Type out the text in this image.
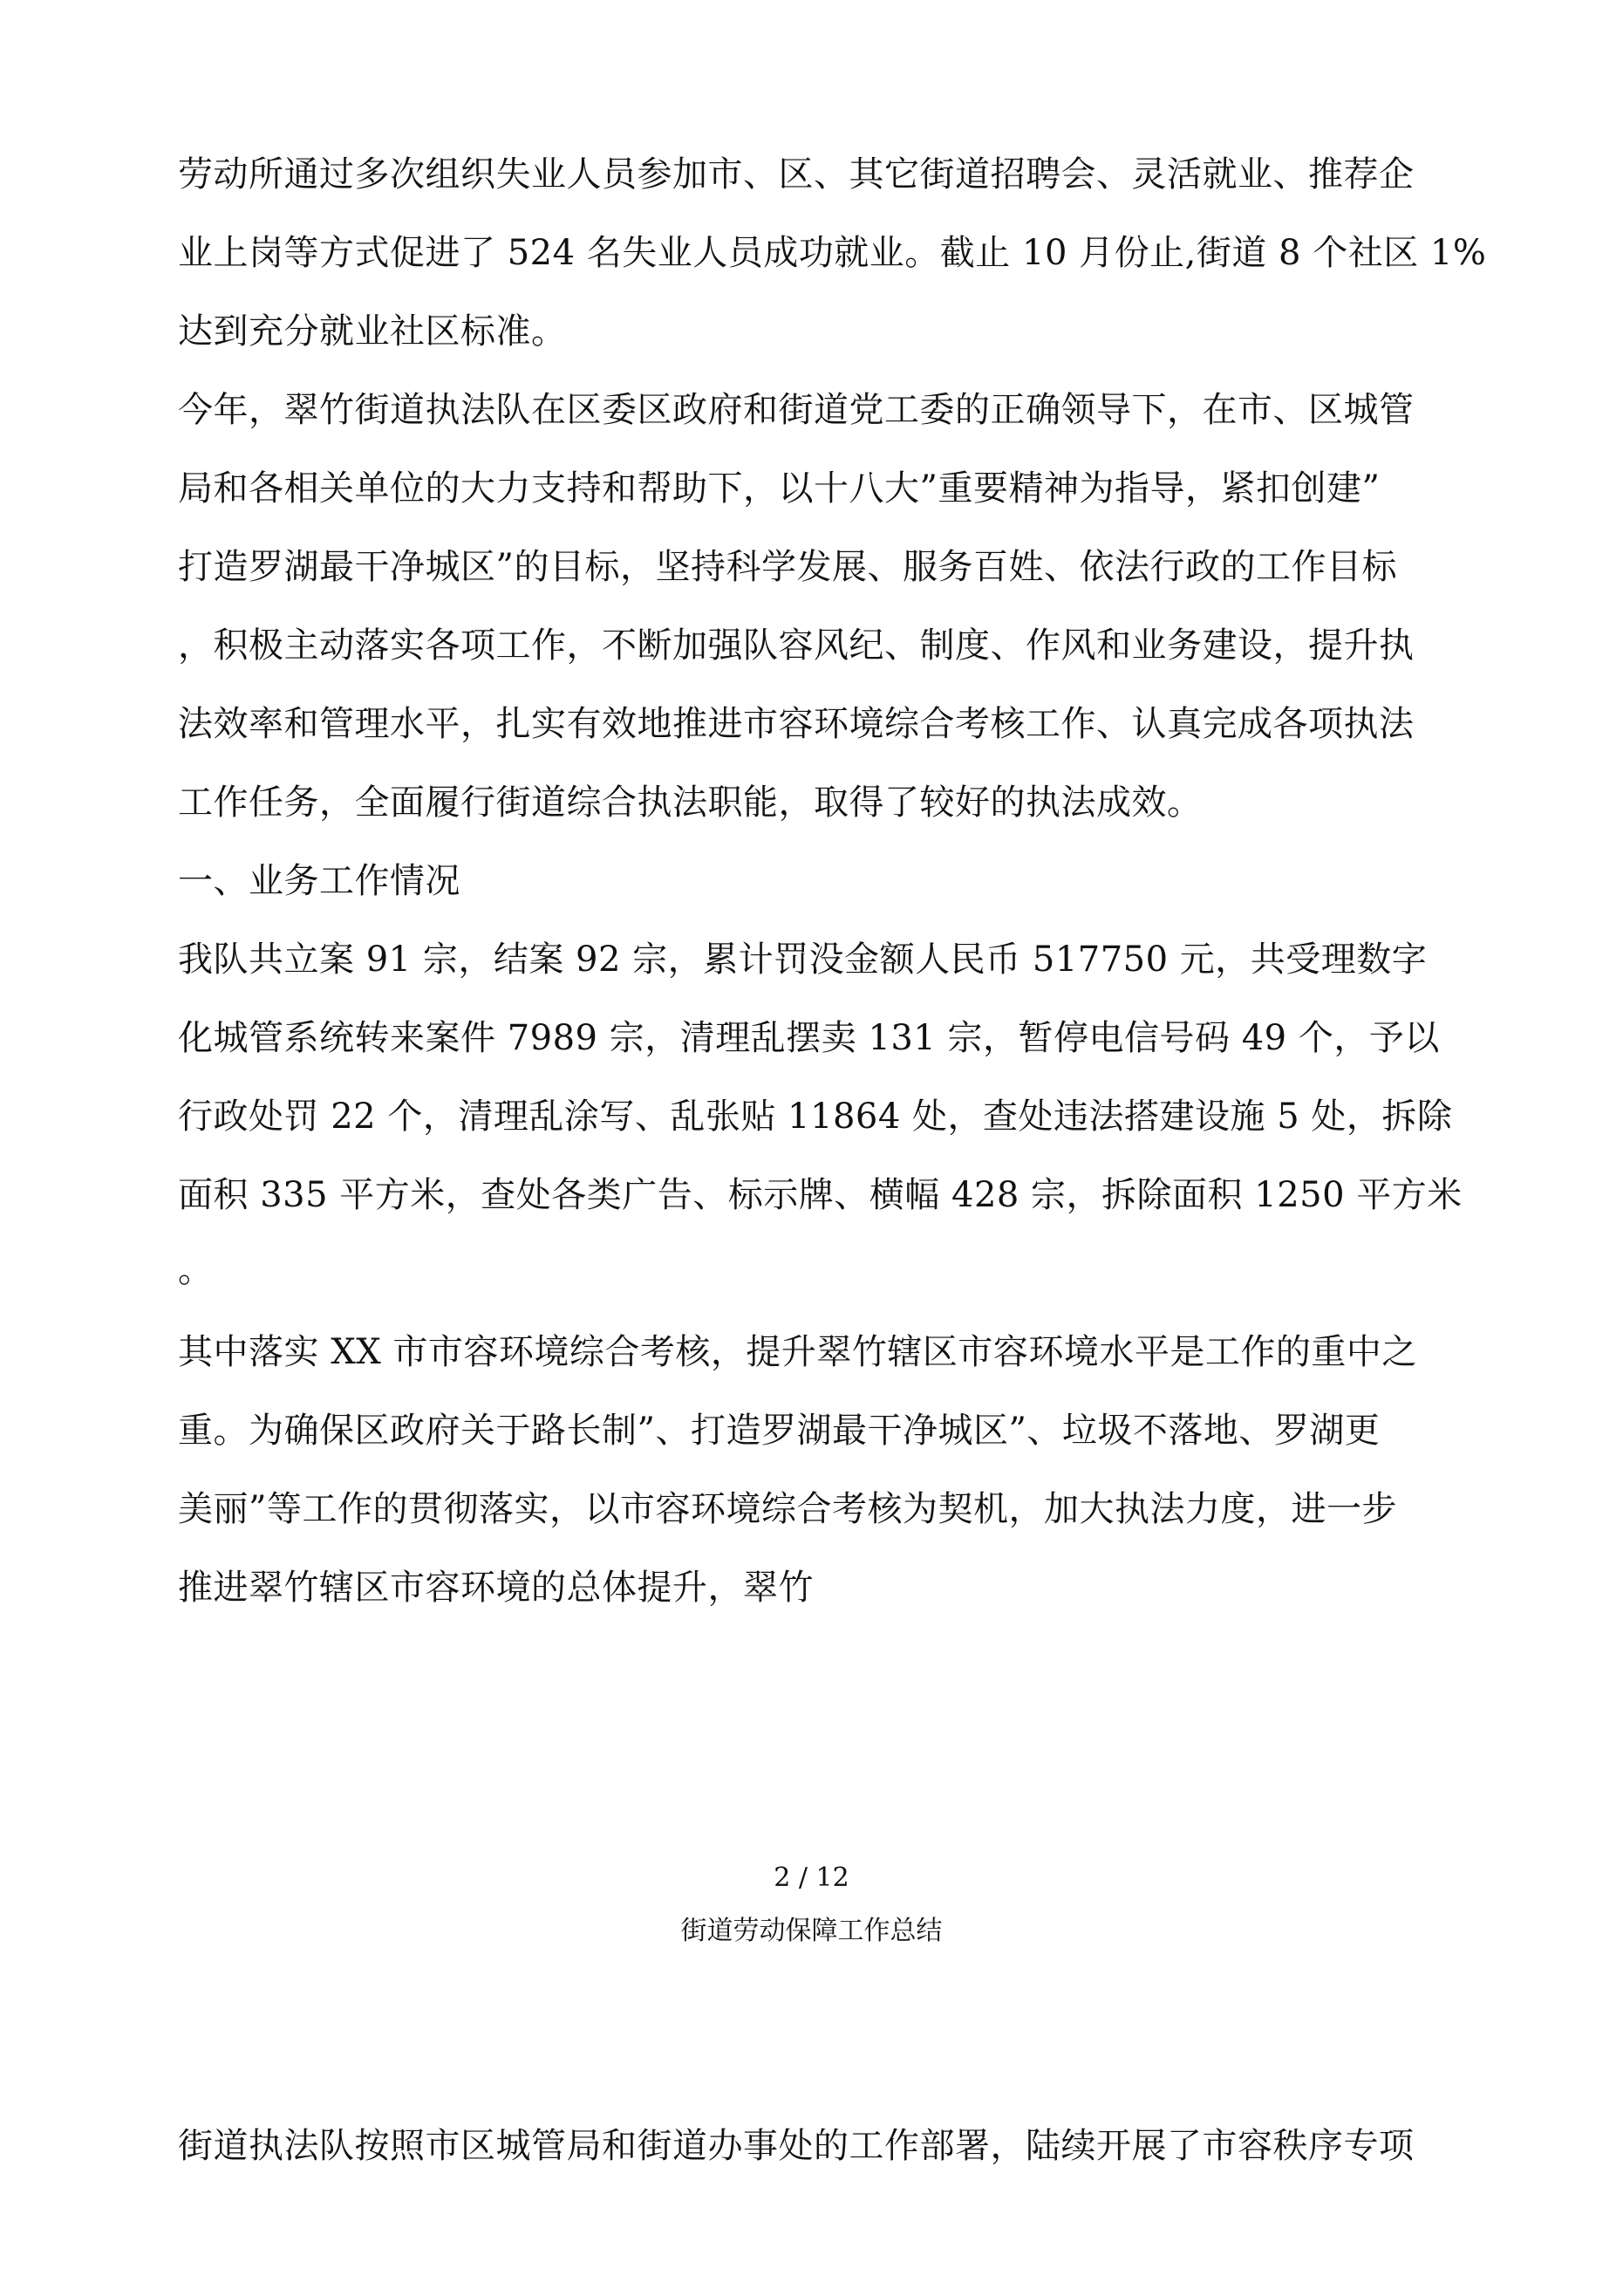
劳动所通过多次组织失业人员参加市、区、其它街道招聘会、灵活就业、推荐企
业上岗等方式促进了 524 名失业人员成功就业。截止 10 月份止,街道 8 个社区 1%
达到充分就业社区标准。
今年，翠竹街道执法队在区委区政府和街道党工委的正确领导下，在市、区城管
局和各相关单位的大力支持和帮助下，以十八大”重要精神为指导，紧扣创建”
打造罗湖最干净城区”的目标，坚持科学发展、服务百姓、依法行政的工作目标
，积极主动落实各项工作，不断加强队容风纪、制度、作风和业务建设，提升执
法效率和管理水平，扎实有效地推进市容环境综合考核工作、认真完成各项执法
工作任务，全面履行街道综合执法职能，取得了较好的执法成效。
一、业务工作情况
我队共立案 91 宗，结案 92 宗，累计罚没金额人民币 517750 元，共受理数字
化城管系统转来案件 7989 宗，清理乱摆卖 131 宗，暂停电信号码 49 个，予以
行政处罚 22 个，清理乱涂写、乱张贴 11864 处，查处违法搭建设施 5 处，拆除
面积 335 平方米，查处各类广告、标示牌、横幅 428 宗，拆除面积 1250 平方米
。
其中落实 XX 市市容环境综合考核，提升翠竹辖区市容环境水平是工作的重中之
重。为确保区政府关于路长制”、打造罗湖最干净城区”、垃圾不落地、罗湖更
美丽”等工作的贯彻落实，以市容环境综合考核为契机，加大执法力度，进一步
推进翠竹辖区市容环境的总体提升，翠竹
2 / 12
街道劳动保障工作总结
街道执法队按照市区城管局和街道办事处的工作部署，陆续开展了市容秩序专项
